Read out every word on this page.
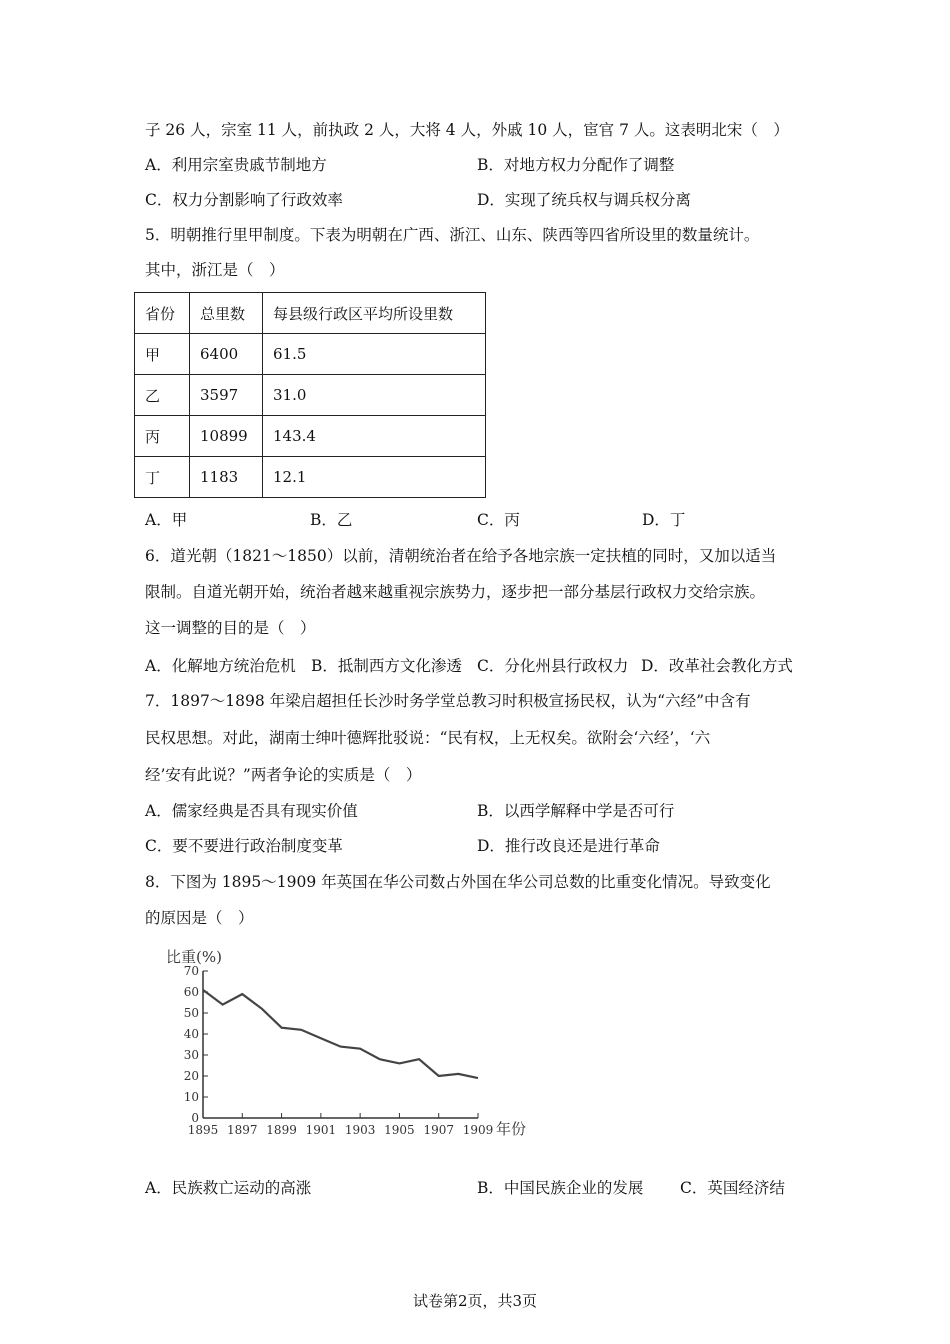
子 26 人，宗室 11 人，前执政 2 人，大将 4 人，外戚 10 人，宦官 7 人。这表明北宋（　）
A．利用宗室贵戚节制地方	B．对地方权力分配作了调整
C．权力分割影响了行政效率	D．实现了统兵权与调兵权分离
5．明朝推行里甲制度。下表为明朝在广西、浙江、山东、陕西等四省所设里的数量统计。
其中，浙江是（　）
省份	总里数	每县级行政区平均所设里数
甲	6400	61.5
乙	3597	31.0
丙	10899	143.4
丁	1183	12.1
A．甲	B．乙	C．丙	D．丁
6．道光朝（1821～1850）以前，清朝统治者在给予各地宗族一定扶植的同时，又加以适当
限制。自道光朝开始，统治者越来越重视宗族势力，逐步把一部分基层行政权力交给宗族。
这一调整的目的是（　）
A．化解地方统治危机 B．抵制西方文化渗透 C．分化州县行政权力 D．改革社会教化方式
7．1897～1898 年梁启超担任长沙时务学堂总教习时积极宣扬民权，认为“六经”中含有
民权思想。对此，湖南士绅叶德辉批驳说：“民有权，上无权矣。欲附会‘六经’，‘六
经’安有此说？”两者争论的实质是（　）
A．儒家经典是否具有现实价值	B．以西学解释中学是否可行
C．要不要进行政治制度变革	D．推行改良还是进行革命
8．下图为 1895～1909 年英国在华公司数占外国在华公司总数的比重变化情况。导致变化
的原因是（　）
比重(%)
0
10
20
30
40
50
60
70
1895 1897 1899 1901 1903 1905 1907 1909 年份
A．民族救亡运动的高涨	B．中国民族企业的发展 C．英国经济结
试卷第2页，共3页
